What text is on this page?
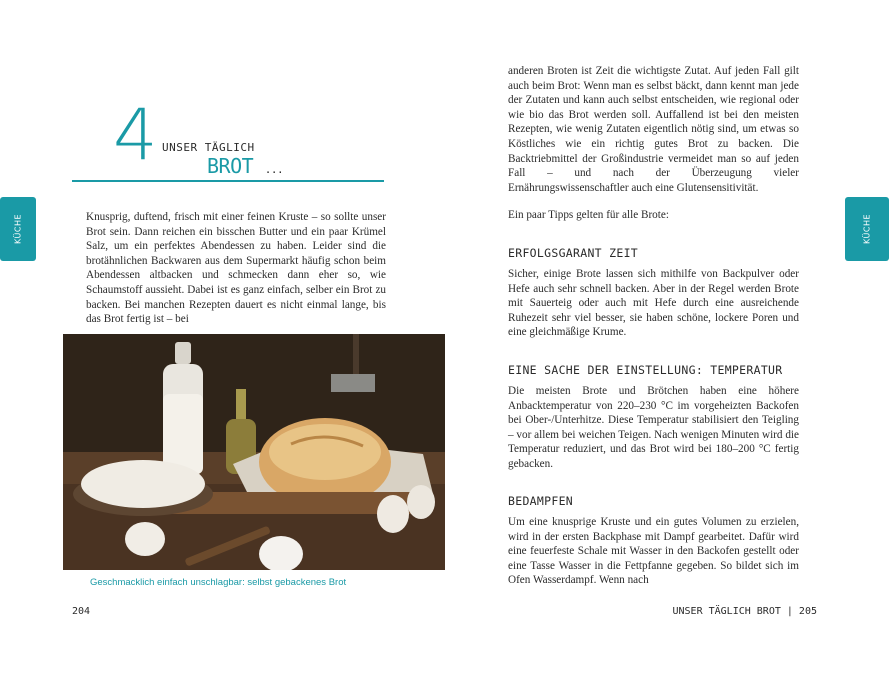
KÜCHE	KÜCHE
4 UNSER TÄGLICH
BROT ...

Knusprig, duftend, frisch mit einer feinen Kruste – so sollte unser Brot sein. Dann reichen ein bisschen Butter und ein paar Krümel Salz, um ein perfektes Abendessen zu haben. Leider sind die brotähnlichen Backwaren aus dem Supermarkt häufig schon beim Abendessen altbacken und schmecken dann eher so, wie Schaumstoff aussieht. Dabei ist es ganz einfach, selber ein Brot zu backen. Bei manchen Rezepten dauert es nicht einmal lange, bis das Brot fertig ist – bei

Geschmacklich einfach unschlagbar: selbst gebackenes Brot

anderen Broten ist Zeit die wichtigste Zutat. Auf jeden Fall gilt auch beim Brot: Wenn man es selbst bäckt, dann kennt man jede der Zutaten und kann auch selbst entscheiden, wie regional oder wie bio das Brot werden soll. Auffallend ist bei den meisten Rezepten, wie wenig Zutaten eigentlich nötig sind, um etwas so Köstliches wie ein richtig gutes Brot zu backen. Die Backtriebmittel der Großindustrie vermeidet man so auf jeden Fall – und nach der Überzeugung vieler Ernährungswissenschaftler auch eine Glutensensitivität.

Ein paar Tipps gelten für alle Brote:

ERFOLGSGARANT ZEIT

Sicher, einige Brote lassen sich mithilfe von Backpulver oder Hefe auch sehr schnell backen. Aber in der Regel werden Brote mit Sauerteig oder auch mit Hefe durch eine ausreichende Ruhezeit sehr viel besser, sie haben schöne, lockere Poren und eine gleichmäßige Krume.

EINE SACHE DER EINSTELLUNG: TEMPERATUR

Die meisten Brote und Brötchen haben eine höhere Anbacktemperatur von 220–230 °C im vorgeheizten Backofen bei Ober-/Unterhitze. Diese Temperatur stabilisiert den Teigling – vor allem bei weichen Teigen. Nach wenigen Minuten wird die Temperatur reduziert, und das Brot wird bei 180–200 °C fertig gebacken.

BEDAMPFEN

Um eine knusprige Kruste und ein gutes Volumen zu erzielen, wird in der ersten Backphase mit Dampf gearbeitet. Dafür wird eine feuerfeste Schale mit Wasser in den Backofen gestellt oder eine Tasse Wasser in die Fettpfanne gegeben. So bildet sich im Ofen Wasserdampf. Wenn nach

204	UNSER TÄGLICH BROT | 205
